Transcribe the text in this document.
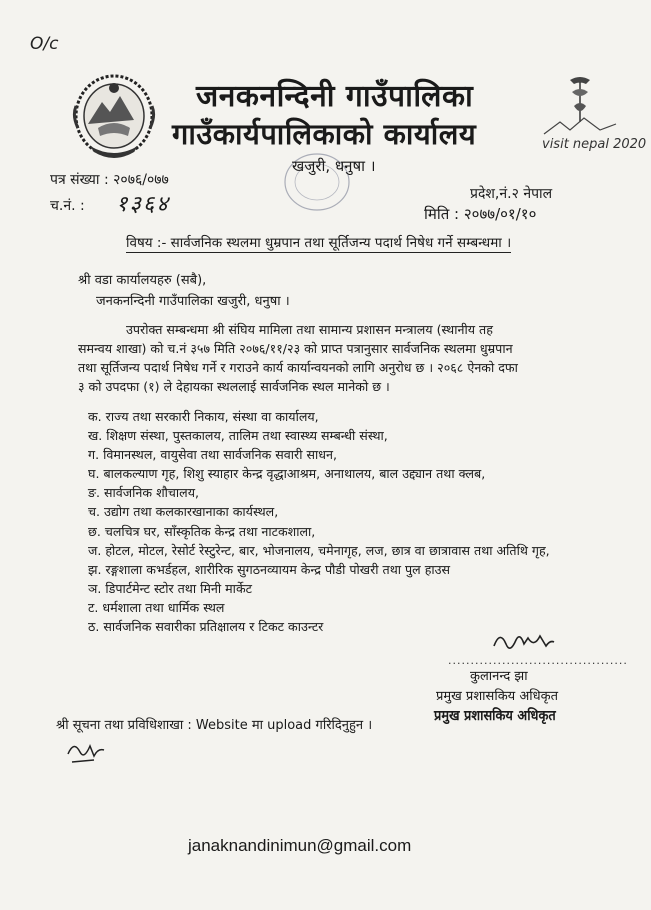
O/c
जनकनन्दिनी गाउँपालिका
गाउँकार्यपालिकाको कार्यालय
खजुरी, धनुषा ।
visit nepal 2020
पत्र संख्या : २०७६/०७७
च.नं. : १३६४	प्रदेश,नं.२ नेपाल
मिति : २०७७/०१/१०
विषय :- सार्वजनिक स्थलमा धुम्रपान तथा सूर्तिजन्य पदार्थ निषेध गर्ने सम्बन्धमा ।
श्री वडा कार्यालयहरु (सबै),
जनकनन्दिनी गाउँपालिका खजुरी, धनुषा ।

उपरोक्त सम्बन्धमा श्री संघिय मामिला तथा सामान्य प्रशासन मन्त्रालय (स्थानीय तह

समन्वय शाखा) को च.नं ३५७ मिति २०७६/११/२३ को प्राप्त पत्रानुसार सार्वजनिक स्थलमा धुम्रपान

तथा सूर्तिजन्य पदार्थ निषेध गर्ने र गराउने कार्य कार्यान्वयनको लागि अनुरोध छ । २०६८ ऐनको दफा

३ को उपदफा (१) ले देहायका स्थललाई सार्वजनिक स्थल मानेको छ ।

क. राज्य तथा सरकारी निकाय, संस्था वा कार्यालय,
ख. शिक्षण संस्था, पुस्तकालय, तालिम तथा स्वास्थ्य सम्बन्धी संस्था,
ग. विमानस्थल, वायुसेवा तथा सार्वजनिक सवारी साधन,
घ. बालकल्याण गृह, शिशु स्याहार केन्द्र वृद्धाआश्रम, अनाथालय, बाल उद्द्यान तथा क्लब,
ङ. सार्वजनिक शौचालय,
च. उद्योग तथा कलकारखानाका कार्यस्थल,
छ. चलचित्र घर, साँस्कृतिक केन्द्र तथा नाटकशाला,
ज. होटल, मोटल, रेसोर्ट रेस्टुरेन्ट, बार, भोजनालय, चमेनागृह, लज, छात्र वा छात्रावास तथा अतिथि गृह,
झ. रङ्गशाला कभर्डहल, शारीरिक सुगठनव्यायम केन्द्र पौडी पोखरी तथा पुल हाउस
ञ. डिपार्टमेन्ट स्टोर तथा मिनी मार्केट
ट. धर्मशाला तथा धार्मिक स्थल
ठ. सार्वजनिक सवारीका प्रतिक्षालय र टिकट काउन्टर
........................................
कुलानन्द झा
प्रमुख प्रशासकिय अधिकृत
प्रमुख प्रशासकिय अधिकृत
श्री सूचना तथा प्रविधिशाखा : Website मा upload गरिदिनुहुन ।
janaknandinimun@gmail.com
